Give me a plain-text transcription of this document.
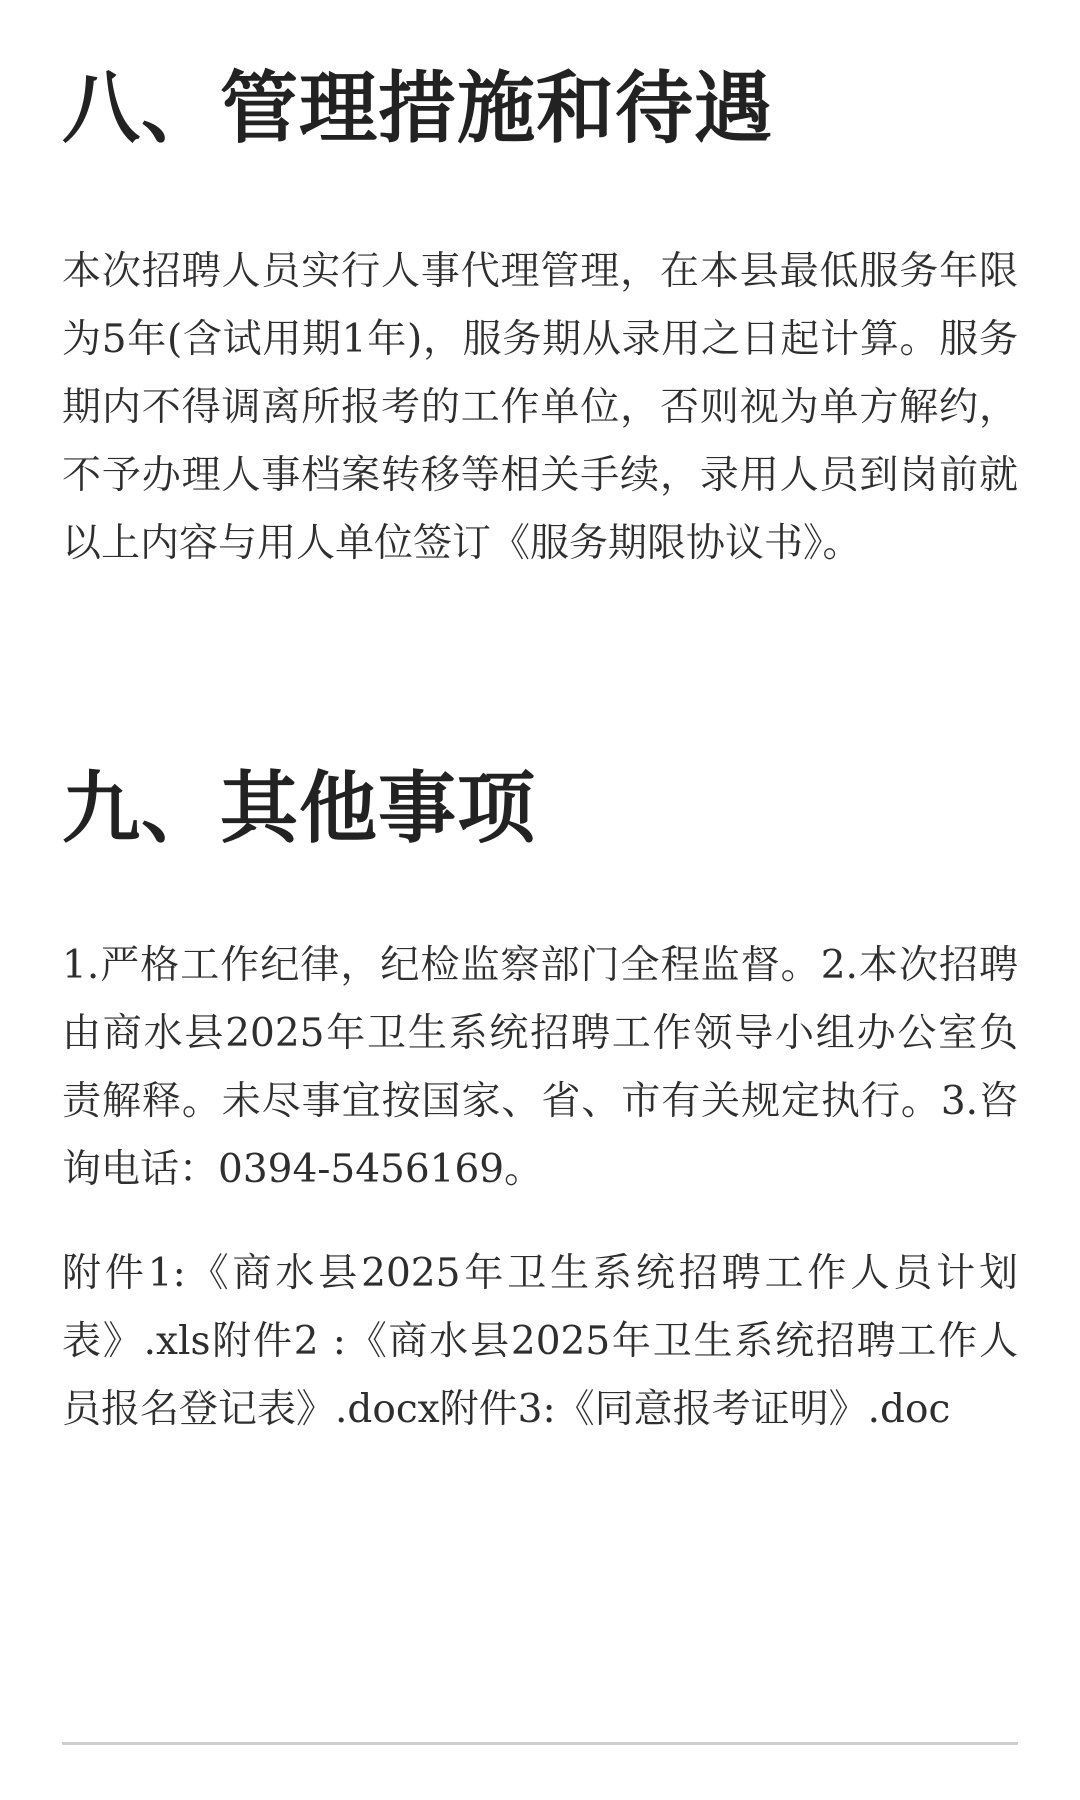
八、管理措施和待遇

本次招聘人员实行人事代理管理，在本县最低服务年限为5年(含试用期1年)，服务期从录用之日起计算。服务期内不得调离所报考的工作单位，否则视为单方解约，不予办理人事档案转移等相关手续，录用人员到岗前就以上内容与用人单位签订《服务期限协议书》。

九、其他事项

1.严格工作纪律，纪检监察部门全程监督。2.本次招聘由商水县2025年卫生系统招聘工作领导小组办公室负责解释。未尽事宜按国家、省、市有关规定执行。3.咨询电话：0394-5456169。

附件1:《商水县2025年卫生系统招聘工作人员计划表》.xls附件2 :《商水县2025年卫生系统招聘工作人员报名登记表》.docx附件3:《同意报考证明》.doc
